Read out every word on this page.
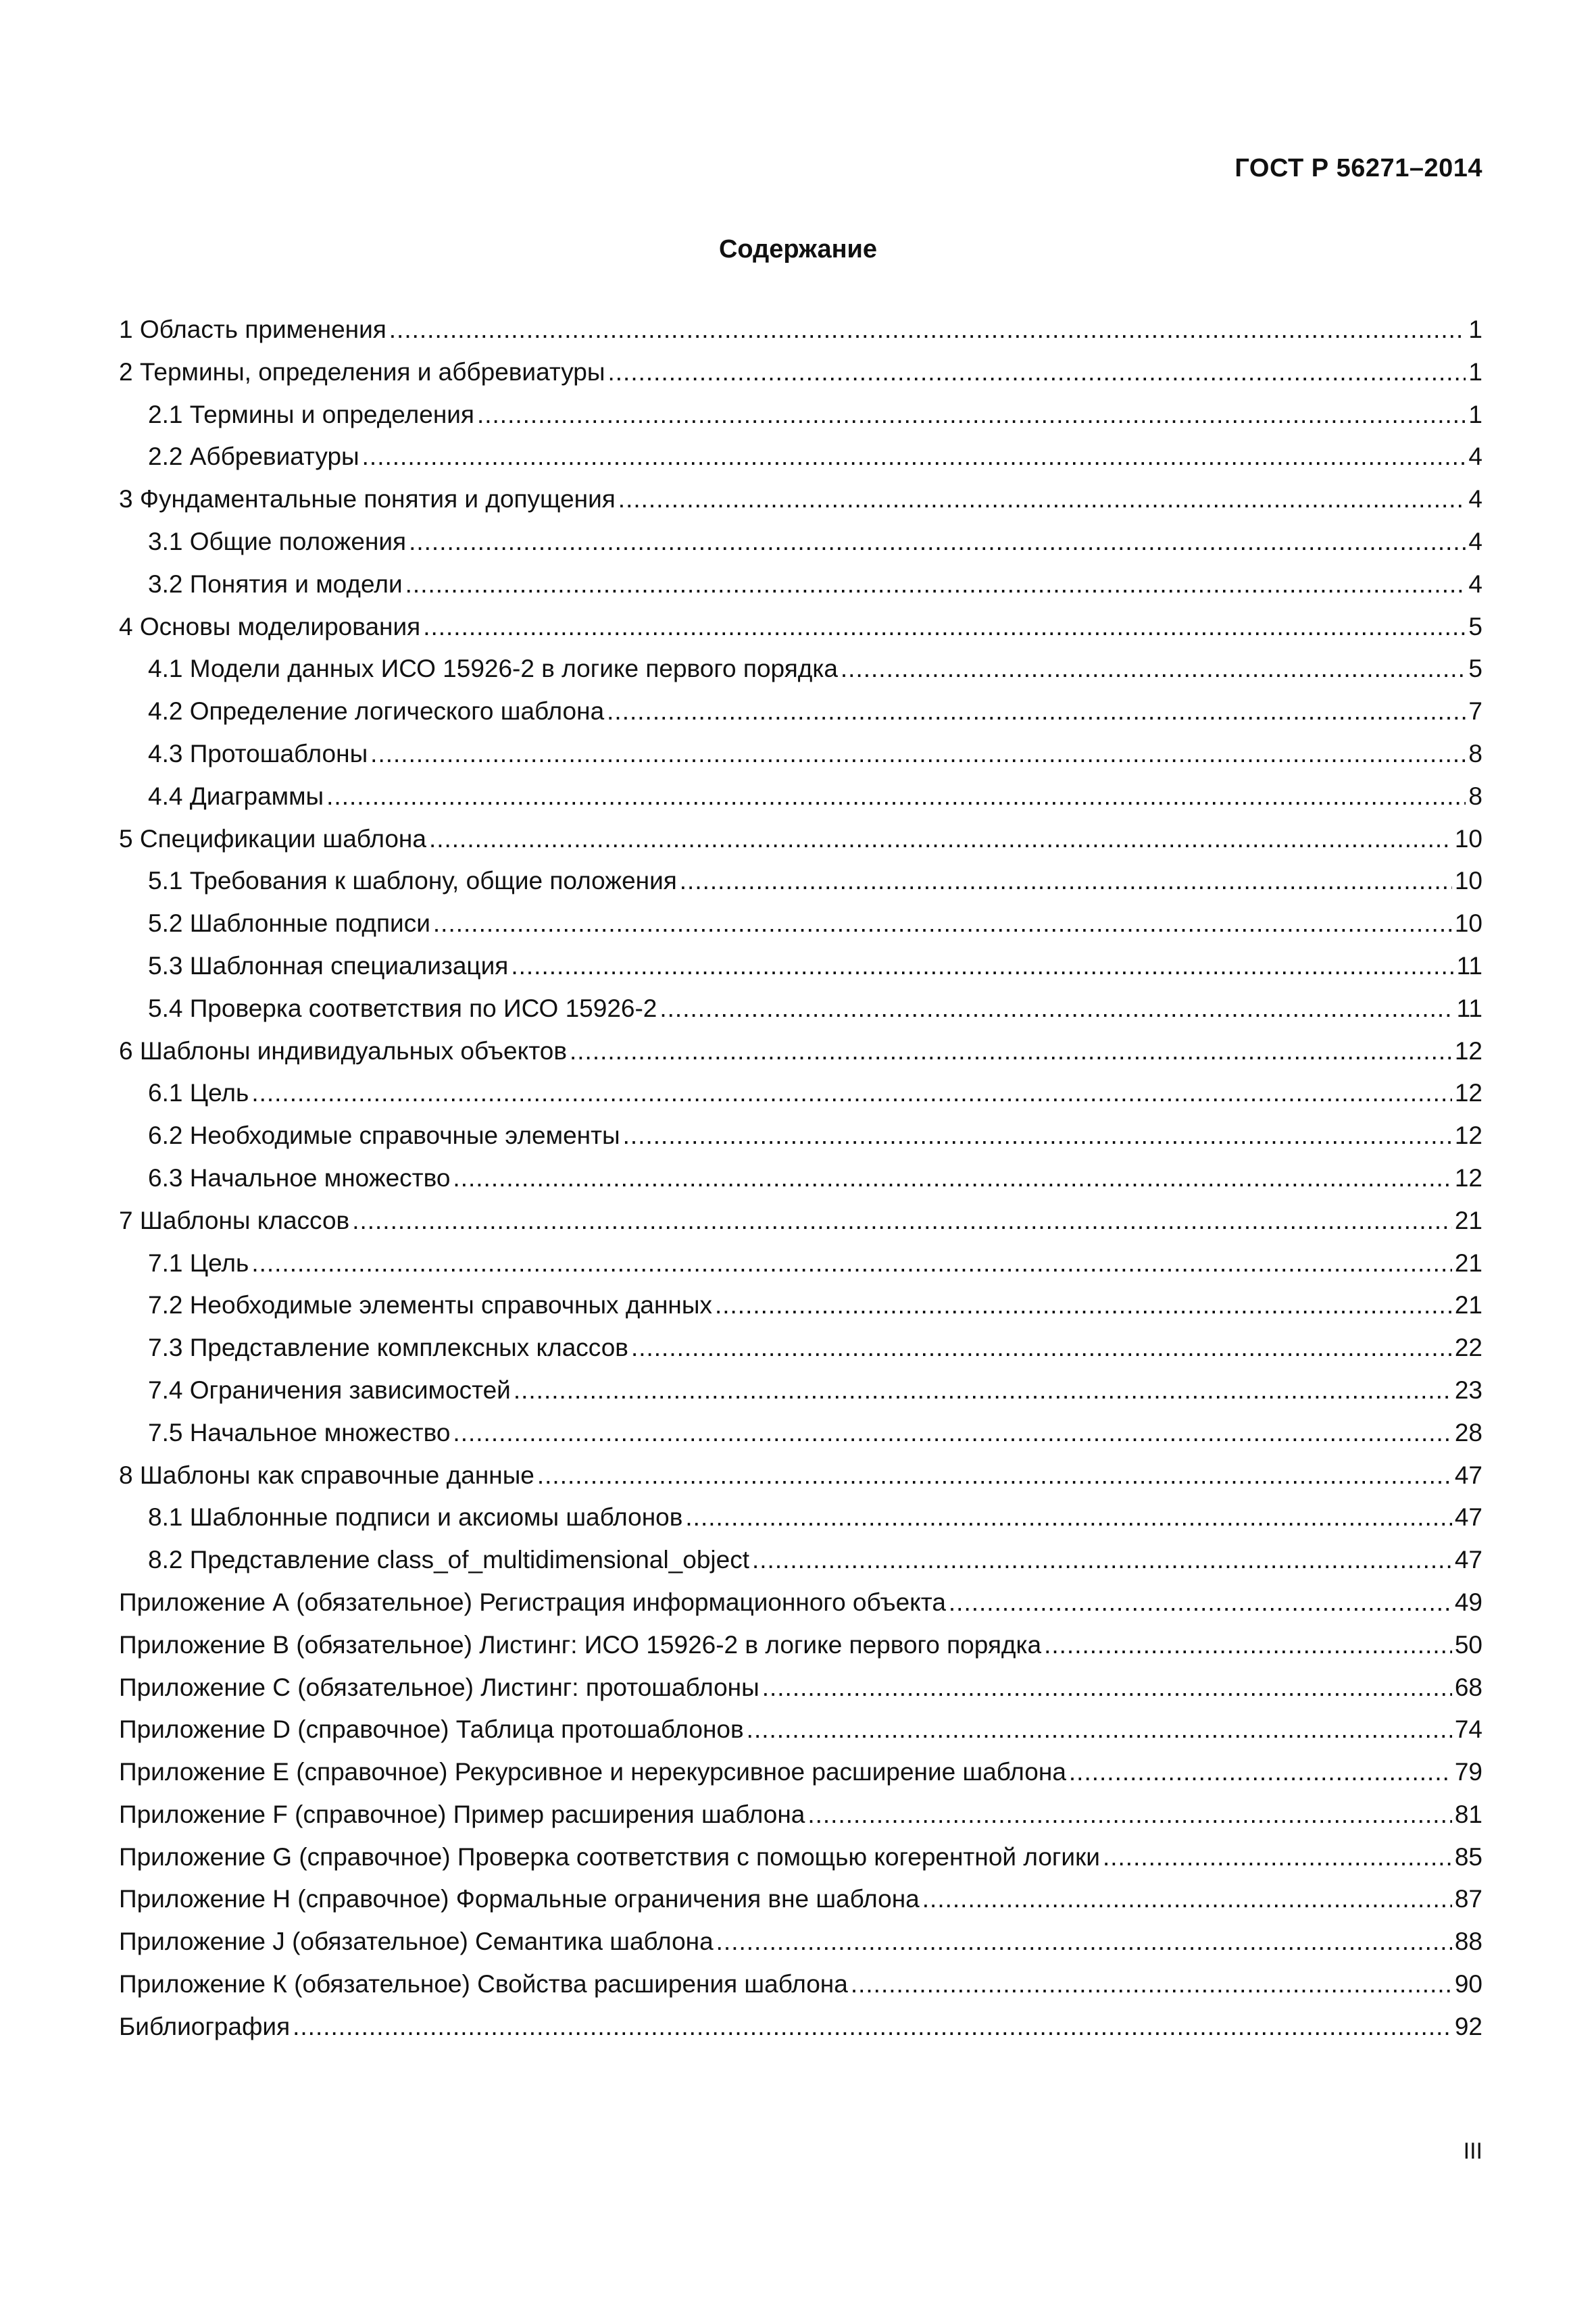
ГОСТ Р 56271–2014

Содержание
1 Область применения .....	1
2 Термины, определения и аббревиатуры .....	1
2.1 Термины и определения .....	1
2.2 Аббревиатуры .....	4
3 Фундаментальные понятия и допущения .....	4
3.1 Общие положения .....	4
3.2 Понятия и модели .....	4
4 Основы моделирования .....	5
4.1 Модели данных ИСО 15926-2 в логике первого порядка .....	5
4.2 Определение логического шаблона .....	7
4.3 Протошаблоны .....	8
4.4 Диаграммы .....	8
5 Спецификации шаблона .....	10
5.1 Требования к шаблону, общие положения .....	10
5.2 Шаблонные подписи .....	10
5.3 Шаблонная специализация .....	11
5.4 Проверка соответствия по ИСО 15926-2 .....	11
6 Шаблоны индивидуальных объектов .....	12
6.1 Цель .....	12
6.2 Необходимые справочные элементы .....	12
6.3 Начальное множество .....	12
7 Шаблоны классов .....	21
7.1 Цель .....	21
7.2 Необходимые элементы справочных данных .....	21
7.3 Представление комплексных классов .....	22
7.4 Ограничения зависимостей .....	23
7.5 Начальное множество .....	28
8 Шаблоны как справочные данные .....	47
8.1 Шаблонные подписи и аксиомы шаблонов .....	47
8.2 Представление class_of_multidimensional_object .....	47
Приложение А (обязательное) Регистрация информационного объекта .....	49
Приложение В (обязательное) Листинг: ИСО 15926-2 в логике первого порядка .....	50
Приложение С (обязательное) Листинг: протошаблоны .....	68
Приложение D (справочное) Таблица протошаблонов .....	74
Приложение Е (справочное) Рекурсивное и нерекурсивное расширение шаблона .....	79
Приложение F (справочное) Пример расширения шаблона .....	81
Приложение G (справочное) Проверка соответствия с помощью когерентной логики .....	85
Приложение Н (справочное) Формальные ограничения вне шаблона .....	87
Приложение J (обязательное) Семантика шаблона .....	88
Приложение К (обязательное) Свойства расширения шаблона .....	90
Библиография .....	92

III
